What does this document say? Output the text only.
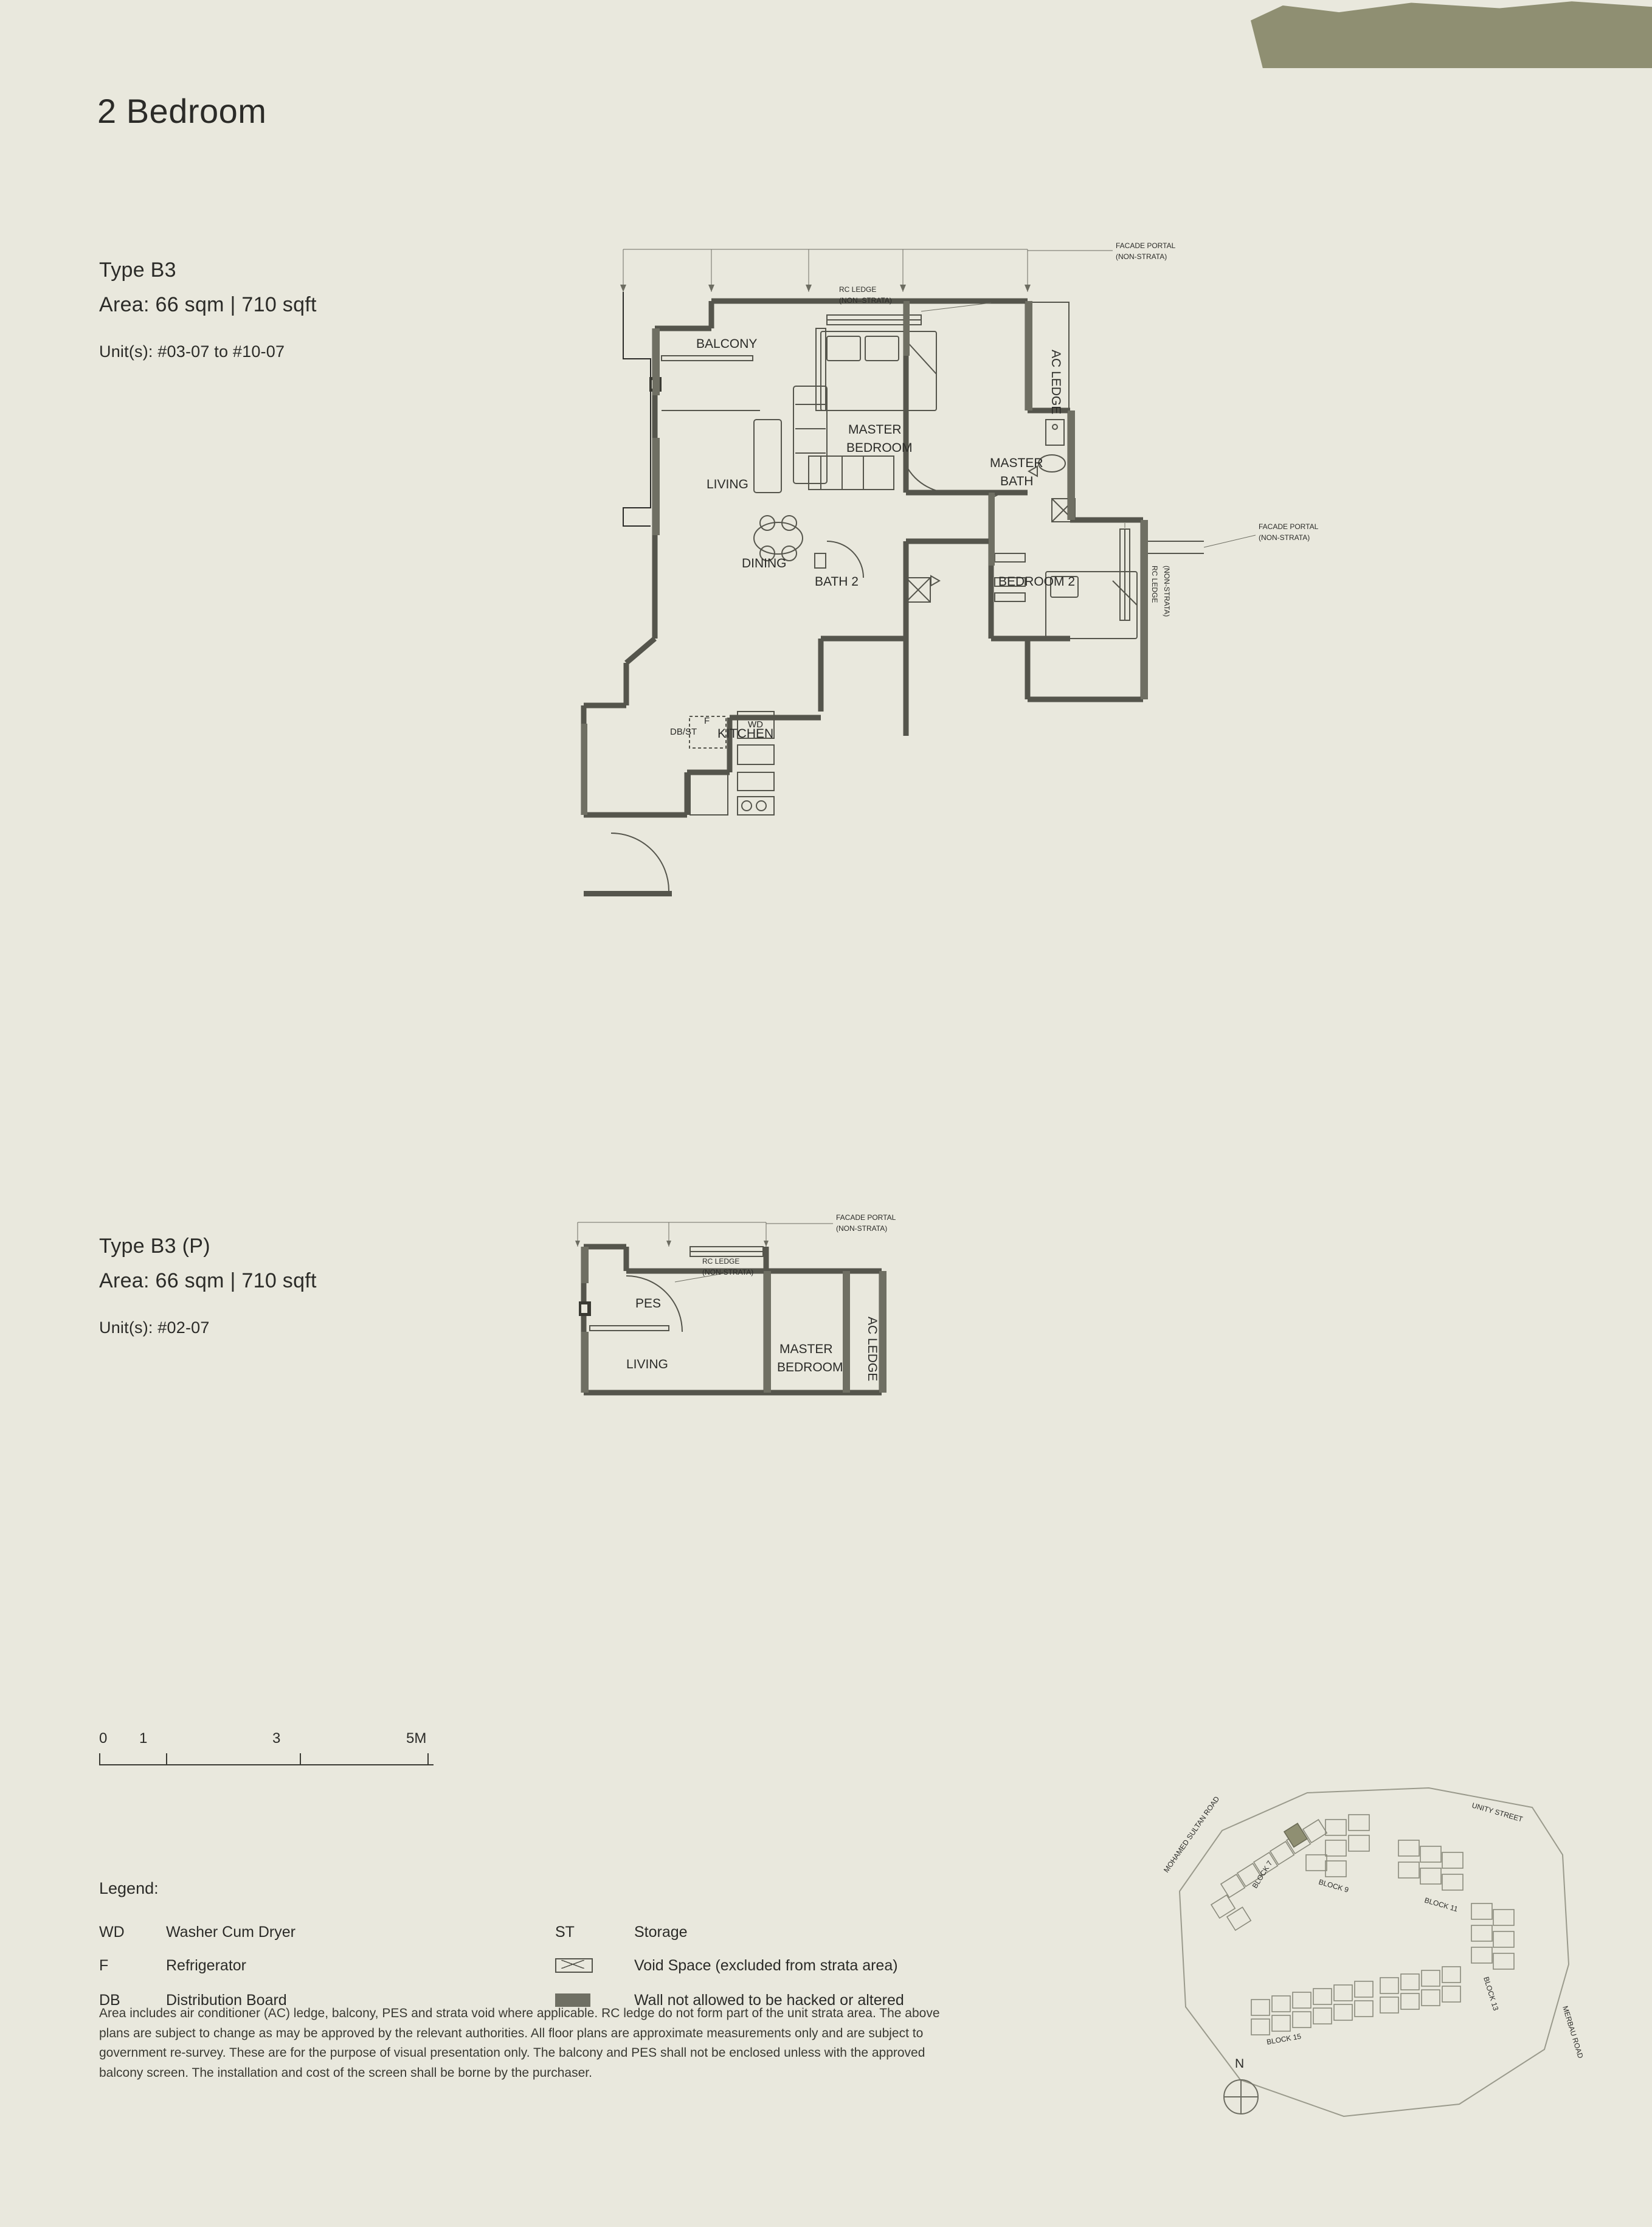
2 Bedroom
Type B3
Area: 66 sqm | 710 sqft
Unit(s): #03-07 to #10-07
Type B3 (P)
Area: 66 sqm | 710 sqft
Unit(s): #02-07
BALCONY
LIVING
MASTER
BEDROOM
MASTER
BATH
DINING
BATH 2	BEDROOM 2
KITCHEN
DB/ST
F	WD
FACADE PORTAL
(NON-STRATA)
FACADE PORTAL
(NON-STRATA)
RC LEDGE
(NON–STRATA)
RC LEDGE (NON-STRATA)
AC LEDGE
PES
LIVING
MASTER
BEDROOM
FACADE PORTAL
(NON-STRATA)
RC LEDGE
(NON-STRATA)
AC LEDGE
0 1	3	5M
Legend:
WD	Washer Cum Dryer	ST	Storage
F	Refrigerator		Void Space (excluded from strata area)
DB	Distribution Board		Wall not allowed to be hacked or altered
Area includes air conditioner (AC) ledge, balcony, PES and strata void where applicable. RC ledge do not form part of the unit strata area. The above plans are subject to change as may be approved by the relevant authorities. All floor plans are approximate measurements only and are subject to government re-survey. These are for the purpose of visual presentation only. The balcony and PES shall not be enclosed unless with the approved balcony screen. The installation and cost of the screen shall be borne by the purchaser.
MOHAMED SULTAN ROAD	UNITY STREET
MERBAU ROAD
BLOCK 7	BLOCK 9
BLOCK 11
BLOCK 13
BLOCK 15
N
